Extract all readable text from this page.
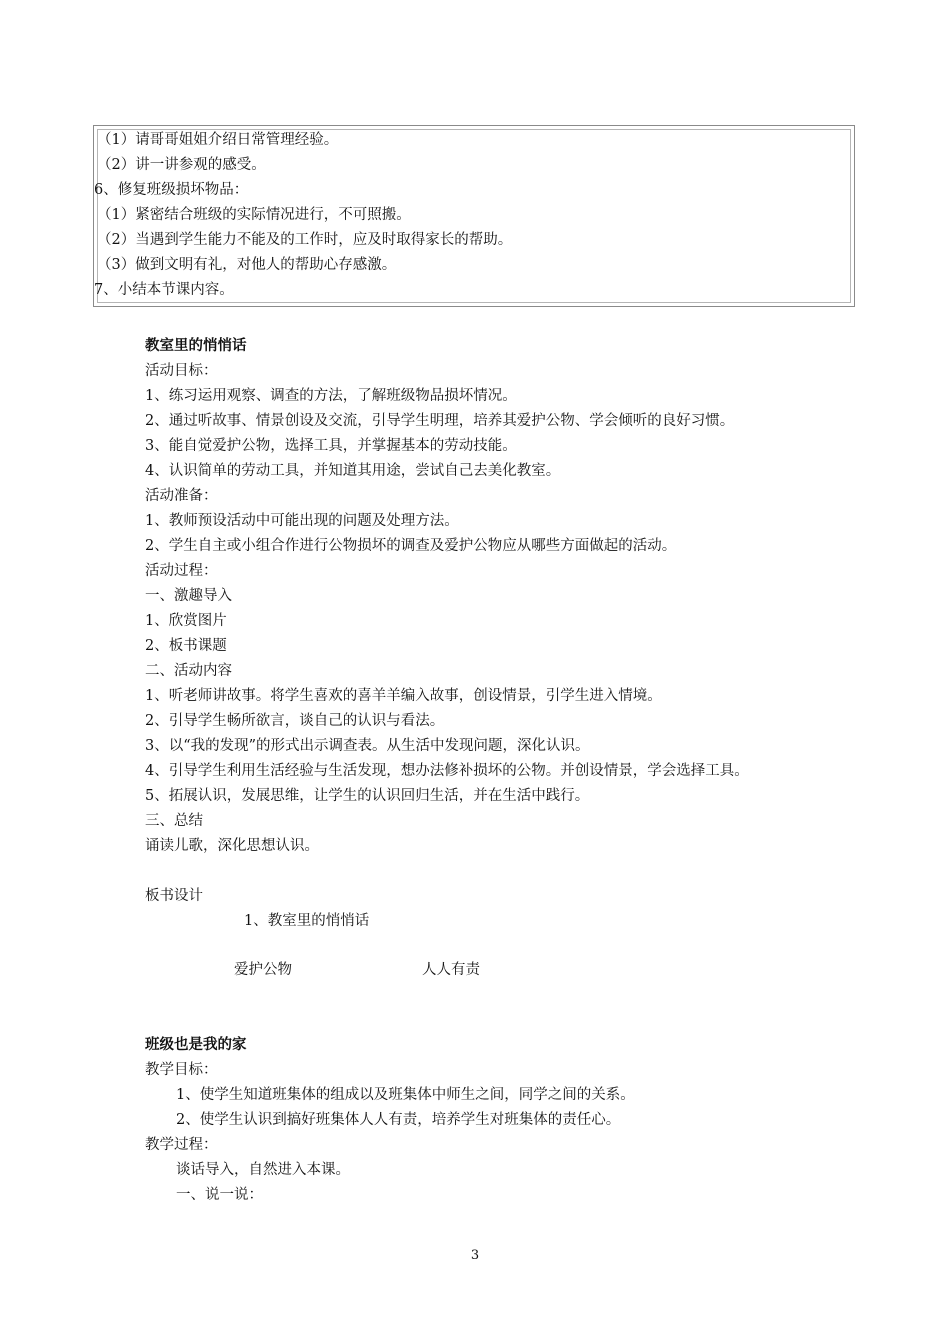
（1）请哥哥姐姐介绍日常管理经验。
（2）讲一讲参观的感受。
6、修复班级损坏物品：
（1）紧密结合班级的实际情况进行，不可照搬。
（2）当遇到学生能力不能及的工作时，应及时取得家长的帮助。
（3）做到文明有礼，对他人的帮助心存感激。
7、小结本节课内容。
教室里的悄悄话
活动目标：
1、练习运用观察、调查的方法，了解班级物品损坏情况。
2、通过听故事、情景创设及交流，引导学生明理，培养其爱护公物、学会倾听的良好习惯。
3、能自觉爱护公物，选择工具，并掌握基本的劳动技能。
4、认识简单的劳动工具，并知道其用途，尝试自己去美化教室。
活动准备：
1、教师预设活动中可能出现的问题及处理方法。
2、学生自主或小组合作进行公物损坏的调查及爱护公物应从哪些方面做起的活动。
活动过程：
一、激趣导入
1、欣赏图片
2、板书课题
二、活动内容
1、听老师讲故事。将学生喜欢的喜羊羊编入故事，创设情景，引学生进入情境。
2、引导学生畅所欲言，谈自己的认识与看法。
3、以“我的发现”的形式出示调查表。从生活中发现问题，深化认识。
4、引导学生利用生活经验与生活发现，想办法修补损坏的公物。并创设情景，学会选择工具。
5、拓展认识，发展思维，让学生的认识回归生活，并在生活中践行。
三、总结
诵读儿歌，深化思想认识。
板书设计
1、教室里的悄悄话
爱护公物	人人有责
班级也是我的家
教学目标：
1、使学生知道班集体的组成以及班集体中师生之间，同学之间的关系。
2、使学生认识到搞好班集体人人有责，培养学生对班集体的责任心。
教学过程：
谈话导入，自然进入本课。
一、说一说：
3
